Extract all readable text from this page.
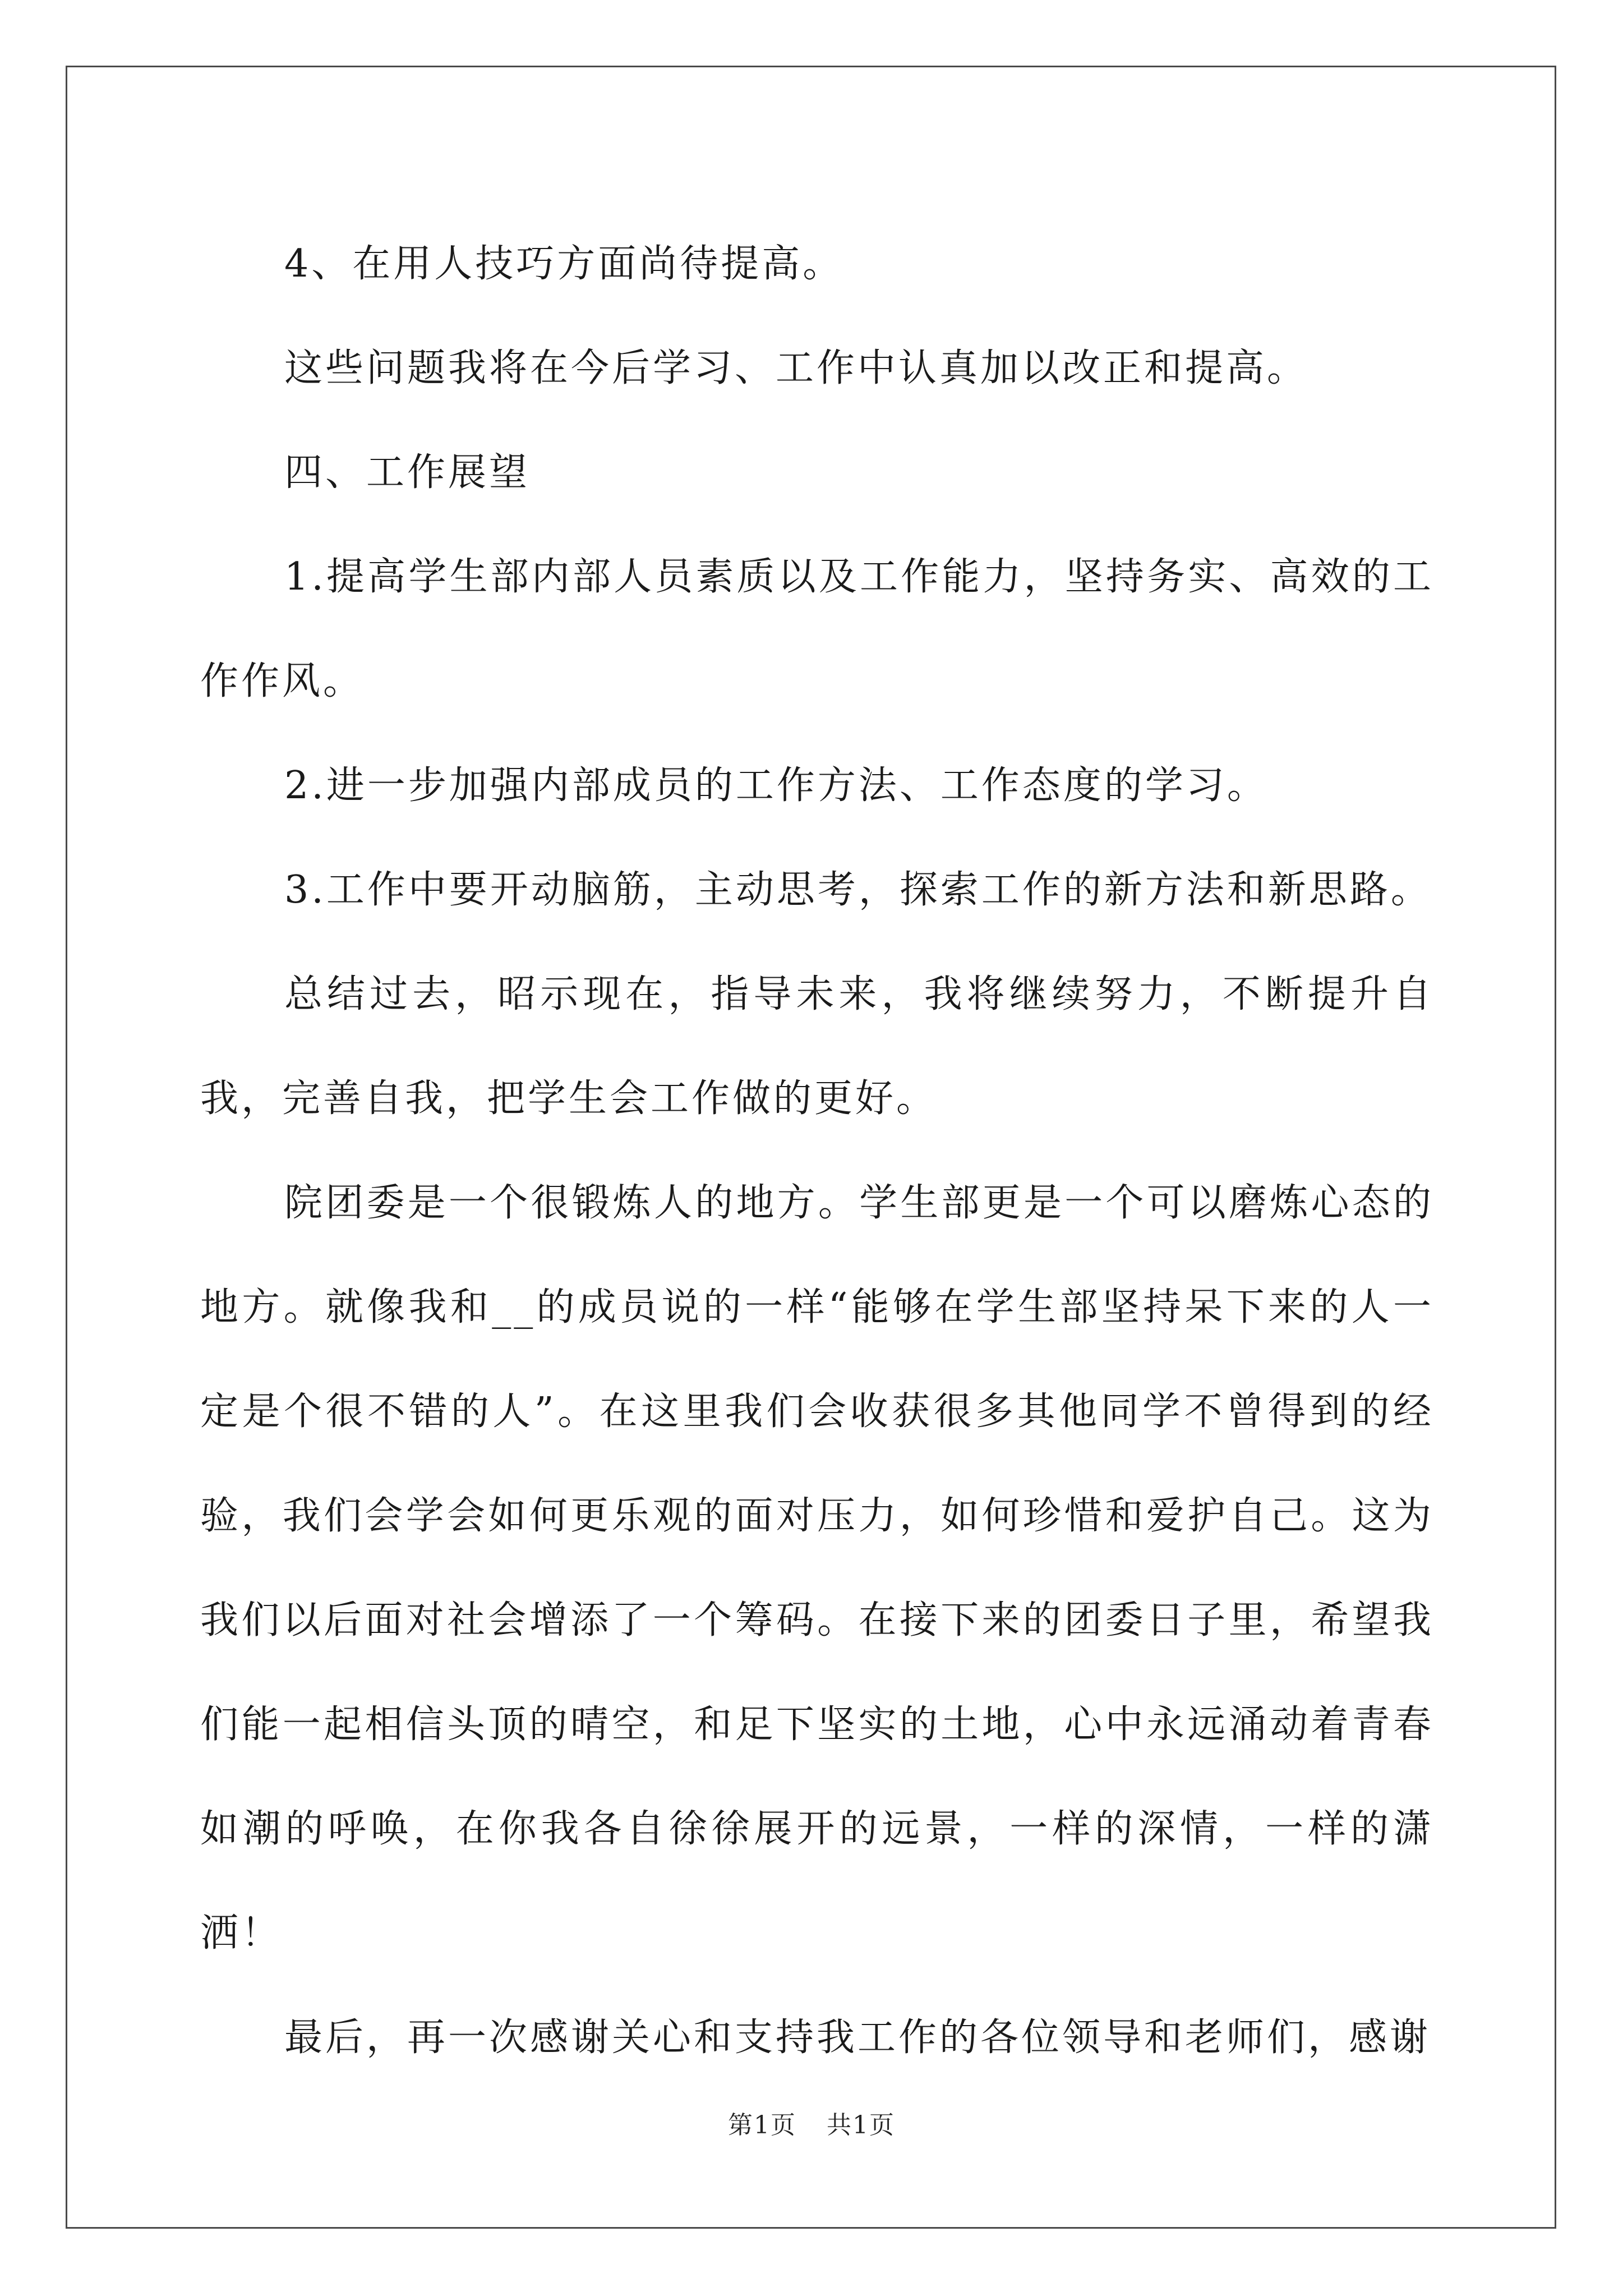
4、在用人技巧方面尚待提高。

这些问题我将在今后学习、工作中认真加以改正和提高。

四、工作展望

1.提高学生部内部人员素质以及工作能力，坚持务实、高效的工作作风。

2.进一步加强内部成员的工作方法、工作态度的学习。

3.工作中要开动脑筋，主动思考，探索工作的新方法和新思路。

总结过去，昭示现在，指导未来，我将继续努力，不断提升自我，完善自我，把学生会工作做的更好。

院团委是一个很锻炼人的地方。学生部更是一个可以磨炼心态的地方。就像我和__的成员说的一样“能够在学生部坚持呆下来的人一定是个很不错的人”。在这里我们会收获很多其他同学不曾得到的经验，我们会学会如何更乐观的面对压力，如何珍惜和爱护自己。这为我们以后面对社会增添了一个筹码。在接下来的团委日子里，希望我们能一起相信头顶的晴空，和足下坚实的土地，心中永远涌动着青春如潮的呼唤，在你我各自徐徐展开的远景，一样的深情，一样的潇洒！

最后，再一次感谢关心和支持我工作的各位领导和老师们，感谢

第1页 共1页
